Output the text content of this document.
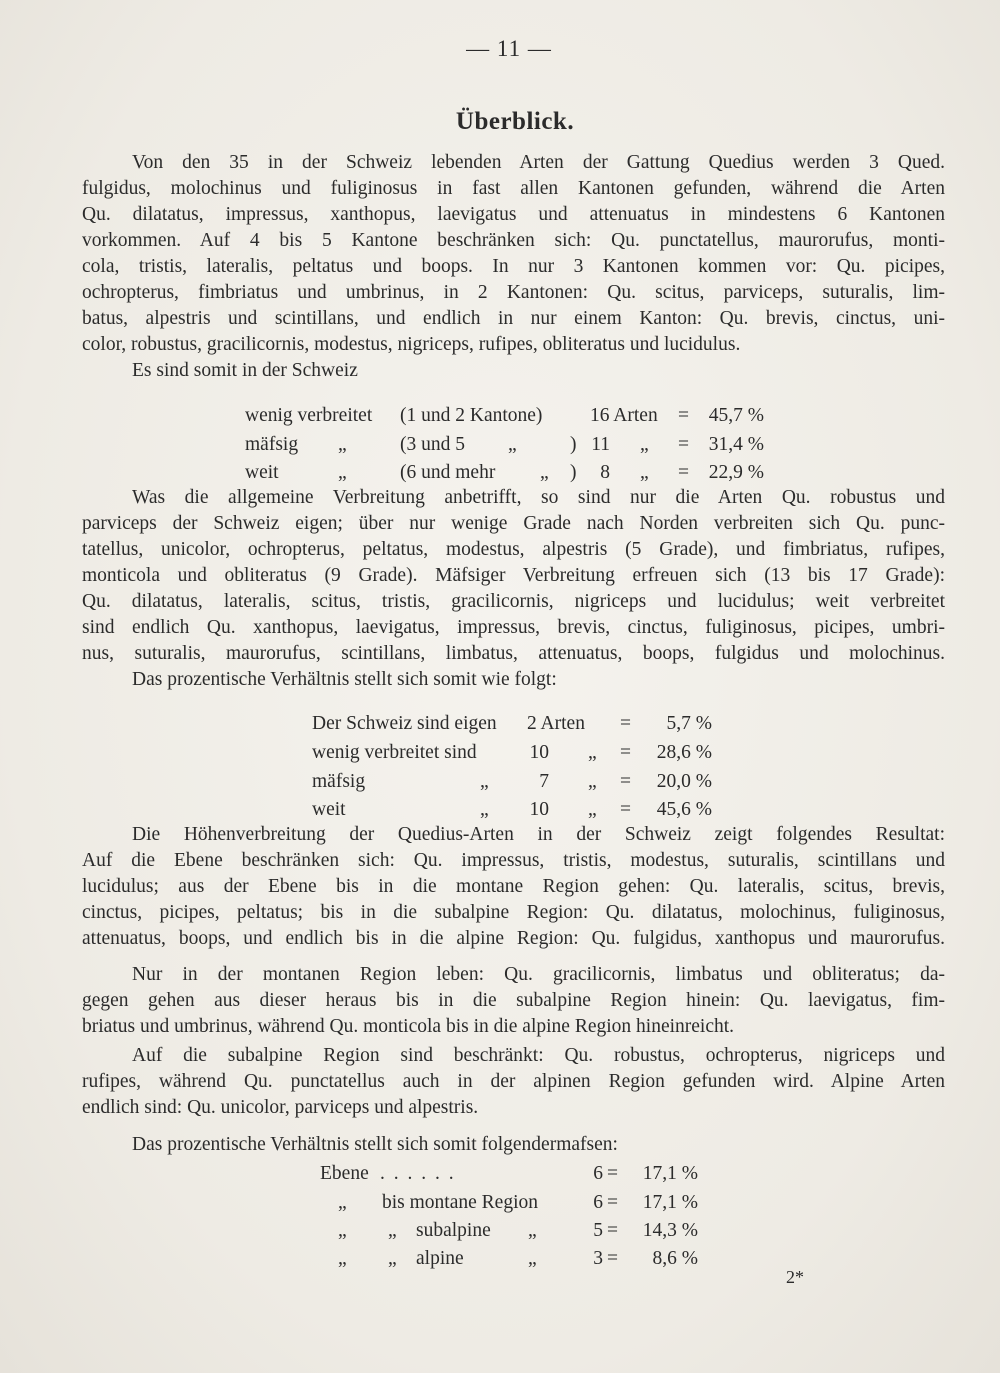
— 11 —
Überblick.
Von den 35 in der Schweiz lebenden Arten der Gattung Quedius werden 3 Qued.
fulgidus, molochinus und fuliginosus in fast allen Kantonen gefunden, während die Arten
Qu. dilatatus, impressus, xanthopus, laevigatus und attenuatus in mindestens 6 Kantonen
vorkommen. Auf 4 bis 5 Kantone beschränken sich: Qu. punctatellus, maurorufus, monti-
cola, tristis, lateralis, peltatus und boops. In nur 3 Kantonen kommen vor: Qu. picipes,
ochropterus, fimbriatus und umbrinus, in 2 Kantonen: Qu. scitus, parviceps, suturalis, lim-
batus, alpestris und scintillans, und endlich in nur einem Kanton: Qu. brevis, cinctus, uni-
color, robustus, gracilicornis, modestus, nigriceps, rufipes, obliteratus und lucidulus.
Es sind somit in der Schweiz
wenig verbreitet (1 und 2 Kantone) 16 Arten =	45,7 %
mäfsig „	(3 und 5 „	) 11 „ =	31,4 %
weit	„	(6 und mehr „ )	8 „ =	22,9 %
Was die allgemeine Verbreitung anbetrifft, so sind nur die Arten Qu. robustus und
parviceps der Schweiz eigen; über nur wenige Grade nach Norden verbreiten sich Qu. punc-
tatellus, unicolor, ochropterus, peltatus, modestus, alpestris (5 Grade), und fimbriatus, rufipes,
monticola und obliteratus (9 Grade). Mäfsiger Verbreitung erfreuen sich (13 bis 17 Grade):
Qu. dilatatus, lateralis, scitus, tristis, gracilicornis, nigriceps und lucidulus; weit verbreitet
sind endlich Qu. xanthopus, laevigatus, impressus, brevis, cinctus, fuliginosus, picipes, umbri-
nus, suturalis, maurorufus, scintillans, limbatus, attenuatus, boops, fulgidus und molochinus.
Das prozentische Verhältnis stellt sich somit wie folgt:
Der Schweiz sind eigen 2 Arten =	5,7 %
wenig verbreitet sind	10 „ =	28,6 %
mäfsig	„	7 „ =	20,0 %
weit	„	10 „ =	45,6 %
Die Höhenverbreitung der Quedius-Arten in der Schweiz zeigt folgendes Resultat:
Auf die Ebene beschränken sich: Qu. impressus, tristis, modestus, suturalis, scintillans und
lucidulus; aus der Ebene bis in die montane Region gehen: Qu. lateralis, scitus, brevis,
cinctus, picipes, peltatus; bis in die subalpine Region: Qu. dilatatus, molochinus, fuliginosus,
attenuatus, boops, und endlich bis in die alpine Region: Qu. fulgidus, xanthopus und maurorufus.
Nur in der montanen Region leben: Qu. gracilicornis, limbatus und obliteratus; da-
gegen gehen aus dieser heraus bis in die subalpine Region hinein: Qu. laevigatus, fim-
briatus und umbrinus, während Qu. monticola bis in die alpine Region hineinreicht.
Auf die subalpine Region sind beschränkt: Qu. robustus, ochropterus, nigriceps und
rufipes, während Qu. punctatellus auch in der alpinen Region gefunden wird. Alpine Arten
endlich sind: Qu. unicolor, parviceps und alpestris.
Das prozentische Verhältnis stellt sich somit folgendermafsen:
Ebene . . . . . .	6 =	17,1 %
„ bis montane Region	6 =	17,1 %
„ „ subalpine „	5 =	14,3 %
„ „ alpine	„	3 =	8,6 %
2*
